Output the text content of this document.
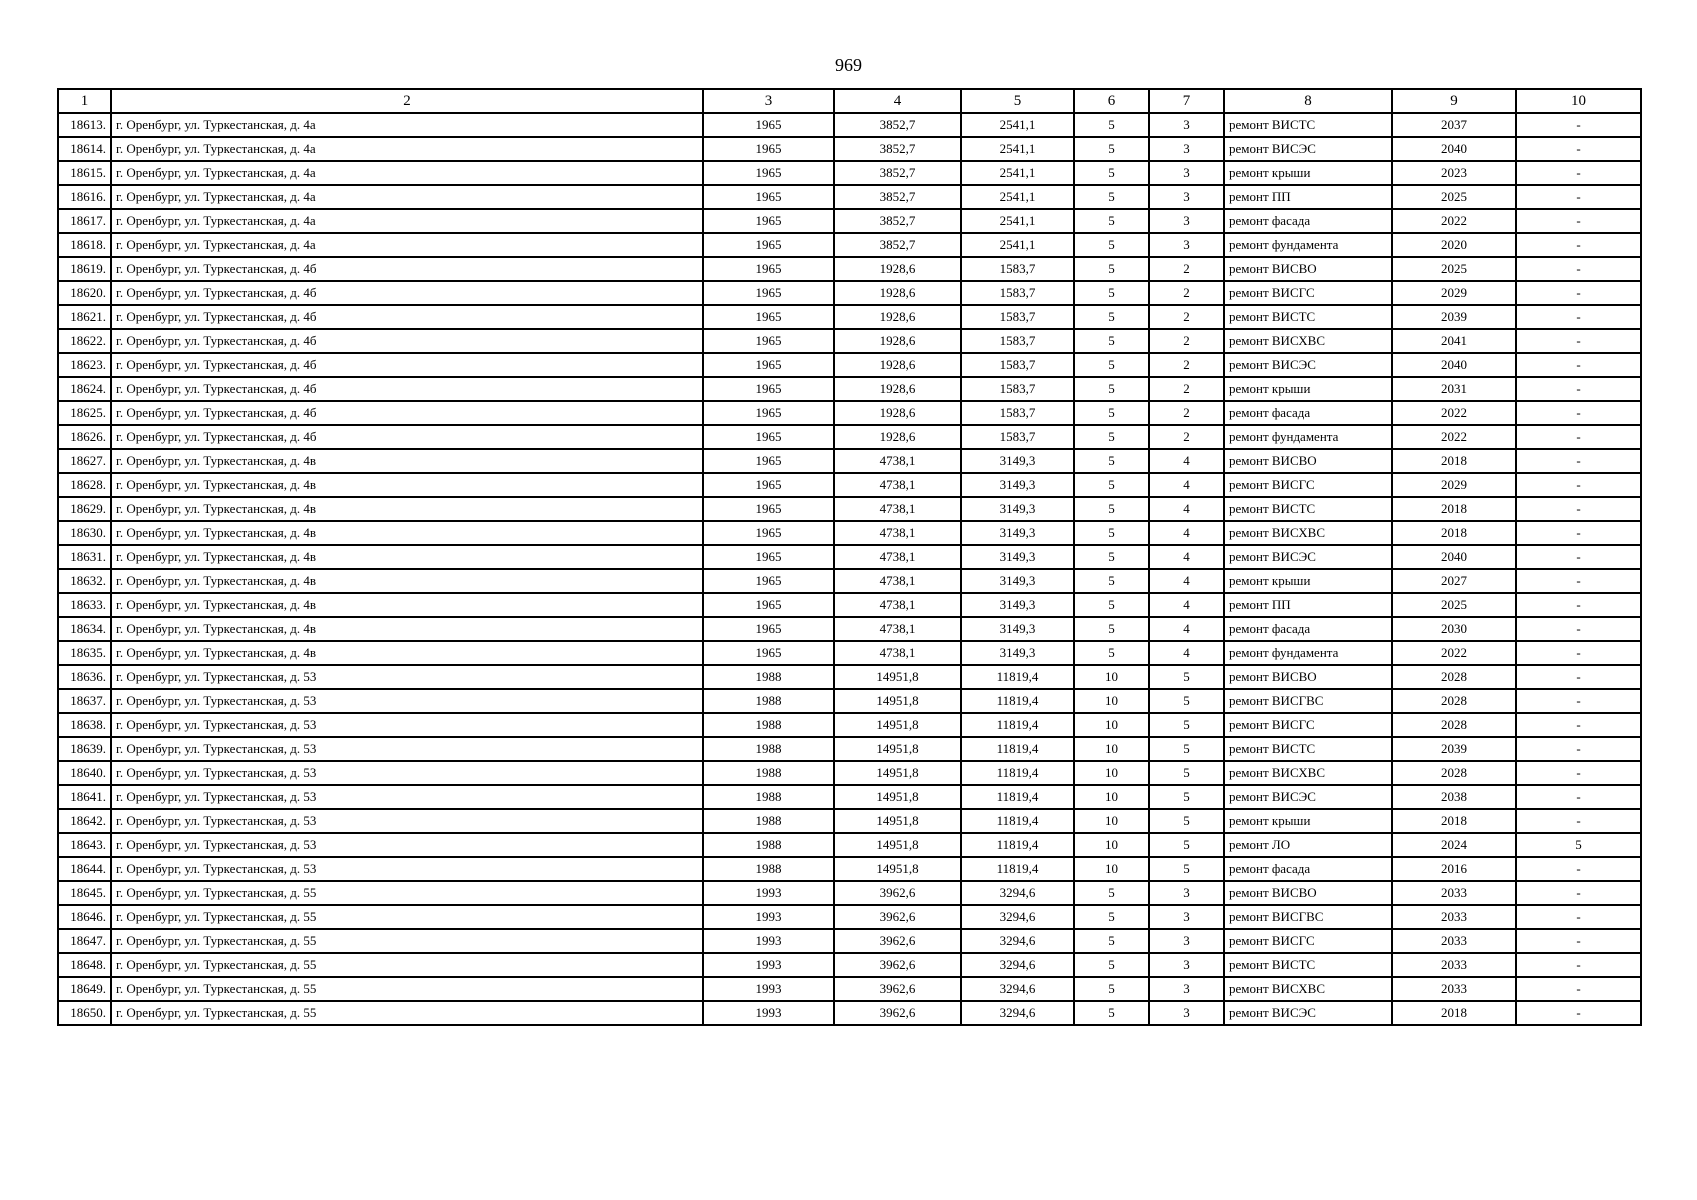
969
1	2	3	4	5	6	7	8	9	10
18613.	г. Оренбург, ул. Туркестанская, д. 4а	1965	3852,7	2541,1	5	3	ремонт ВИСТС	2037	-
18614.	г. Оренбург, ул. Туркестанская, д. 4а	1965	3852,7	2541,1	5	3	ремонт ВИСЭС	2040	-
18615.	г. Оренбург, ул. Туркестанская, д. 4а	1965	3852,7	2541,1	5	3	ремонт крыши	2023	-
18616.	г. Оренбург, ул. Туркестанская, д. 4а	1965	3852,7	2541,1	5	3	ремонт ПП	2025	-
18617.	г. Оренбург, ул. Туркестанская, д. 4а	1965	3852,7	2541,1	5	3	ремонт фасада	2022	-
18618.	г. Оренбург, ул. Туркестанская, д. 4а	1965	3852,7	2541,1	5	3	ремонт фундамента	2020	-
18619.	г. Оренбург, ул. Туркестанская, д. 4б	1965	1928,6	1583,7	5	2	ремонт ВИСВО	2025	-
18620.	г. Оренбург, ул. Туркестанская, д. 4б	1965	1928,6	1583,7	5	2	ремонт ВИСГС	2029	-
18621.	г. Оренбург, ул. Туркестанская, д. 4б	1965	1928,6	1583,7	5	2	ремонт ВИСТС	2039	-
18622.	г. Оренбург, ул. Туркестанская, д. 4б	1965	1928,6	1583,7	5	2	ремонт ВИСХВС	2041	-
18623.	г. Оренбург, ул. Туркестанская, д. 4б	1965	1928,6	1583,7	5	2	ремонт ВИСЭС	2040	-
18624.	г. Оренбург, ул. Туркестанская, д. 4б	1965	1928,6	1583,7	5	2	ремонт крыши	2031	-
18625.	г. Оренбург, ул. Туркестанская, д. 4б	1965	1928,6	1583,7	5	2	ремонт фасада	2022	-
18626.	г. Оренбург, ул. Туркестанская, д. 4б	1965	1928,6	1583,7	5	2	ремонт фундамента	2022	-
18627.	г. Оренбург, ул. Туркестанская, д. 4в	1965	4738,1	3149,3	5	4	ремонт ВИСВО	2018	-
18628.	г. Оренбург, ул. Туркестанская, д. 4в	1965	4738,1	3149,3	5	4	ремонт ВИСГС	2029	-
18629.	г. Оренбург, ул. Туркестанская, д. 4в	1965	4738,1	3149,3	5	4	ремонт ВИСТС	2018	-
18630.	г. Оренбург, ул. Туркестанская, д. 4в	1965	4738,1	3149,3	5	4	ремонт ВИСХВС	2018	-
18631.	г. Оренбург, ул. Туркестанская, д. 4в	1965	4738,1	3149,3	5	4	ремонт ВИСЭС	2040	-
18632.	г. Оренбург, ул. Туркестанская, д. 4в	1965	4738,1	3149,3	5	4	ремонт крыши	2027	-
18633.	г. Оренбург, ул. Туркестанская, д. 4в	1965	4738,1	3149,3	5	4	ремонт ПП	2025	-
18634.	г. Оренбург, ул. Туркестанская, д. 4в	1965	4738,1	3149,3	5	4	ремонт фасада	2030	-
18635.	г. Оренбург, ул. Туркестанская, д. 4в	1965	4738,1	3149,3	5	4	ремонт фундамента	2022	-
18636.	г. Оренбург, ул. Туркестанская, д. 53	1988	14951,8	11819,4	10	5	ремонт ВИСВО	2028	-
18637.	г. Оренбург, ул. Туркестанская, д. 53	1988	14951,8	11819,4	10	5	ремонт ВИСГВС	2028	-
18638.	г. Оренбург, ул. Туркестанская, д. 53	1988	14951,8	11819,4	10	5	ремонт ВИСГС	2028	-
18639.	г. Оренбург, ул. Туркестанская, д. 53	1988	14951,8	11819,4	10	5	ремонт ВИСТС	2039	-
18640.	г. Оренбург, ул. Туркестанская, д. 53	1988	14951,8	11819,4	10	5	ремонт ВИСХВС	2028	-
18641.	г. Оренбург, ул. Туркестанская, д. 53	1988	14951,8	11819,4	10	5	ремонт ВИСЭС	2038	-
18642.	г. Оренбург, ул. Туркестанская, д. 53	1988	14951,8	11819,4	10	5	ремонт крыши	2018	-
18643.	г. Оренбург, ул. Туркестанская, д. 53	1988	14951,8	11819,4	10	5	ремонт ЛО	2024	5
18644.	г. Оренбург, ул. Туркестанская, д. 53	1988	14951,8	11819,4	10	5	ремонт фасада	2016	-
18645.	г. Оренбург, ул. Туркестанская, д. 55	1993	3962,6	3294,6	5	3	ремонт ВИСВО	2033	-
18646.	г. Оренбург, ул. Туркестанская, д. 55	1993	3962,6	3294,6	5	3	ремонт ВИСГВС	2033	-
18647.	г. Оренбург, ул. Туркестанская, д. 55	1993	3962,6	3294,6	5	3	ремонт ВИСГС	2033	-
18648.	г. Оренбург, ул. Туркестанская, д. 55	1993	3962,6	3294,6	5	3	ремонт ВИСТС	2033	-
18649.	г. Оренбург, ул. Туркестанская, д. 55	1993	3962,6	3294,6	5	3	ремонт ВИСХВС	2033	-
18650.	г. Оренбург, ул. Туркестанская, д. 55	1993	3962,6	3294,6	5	3	ремонт ВИСЭС	2018	-
